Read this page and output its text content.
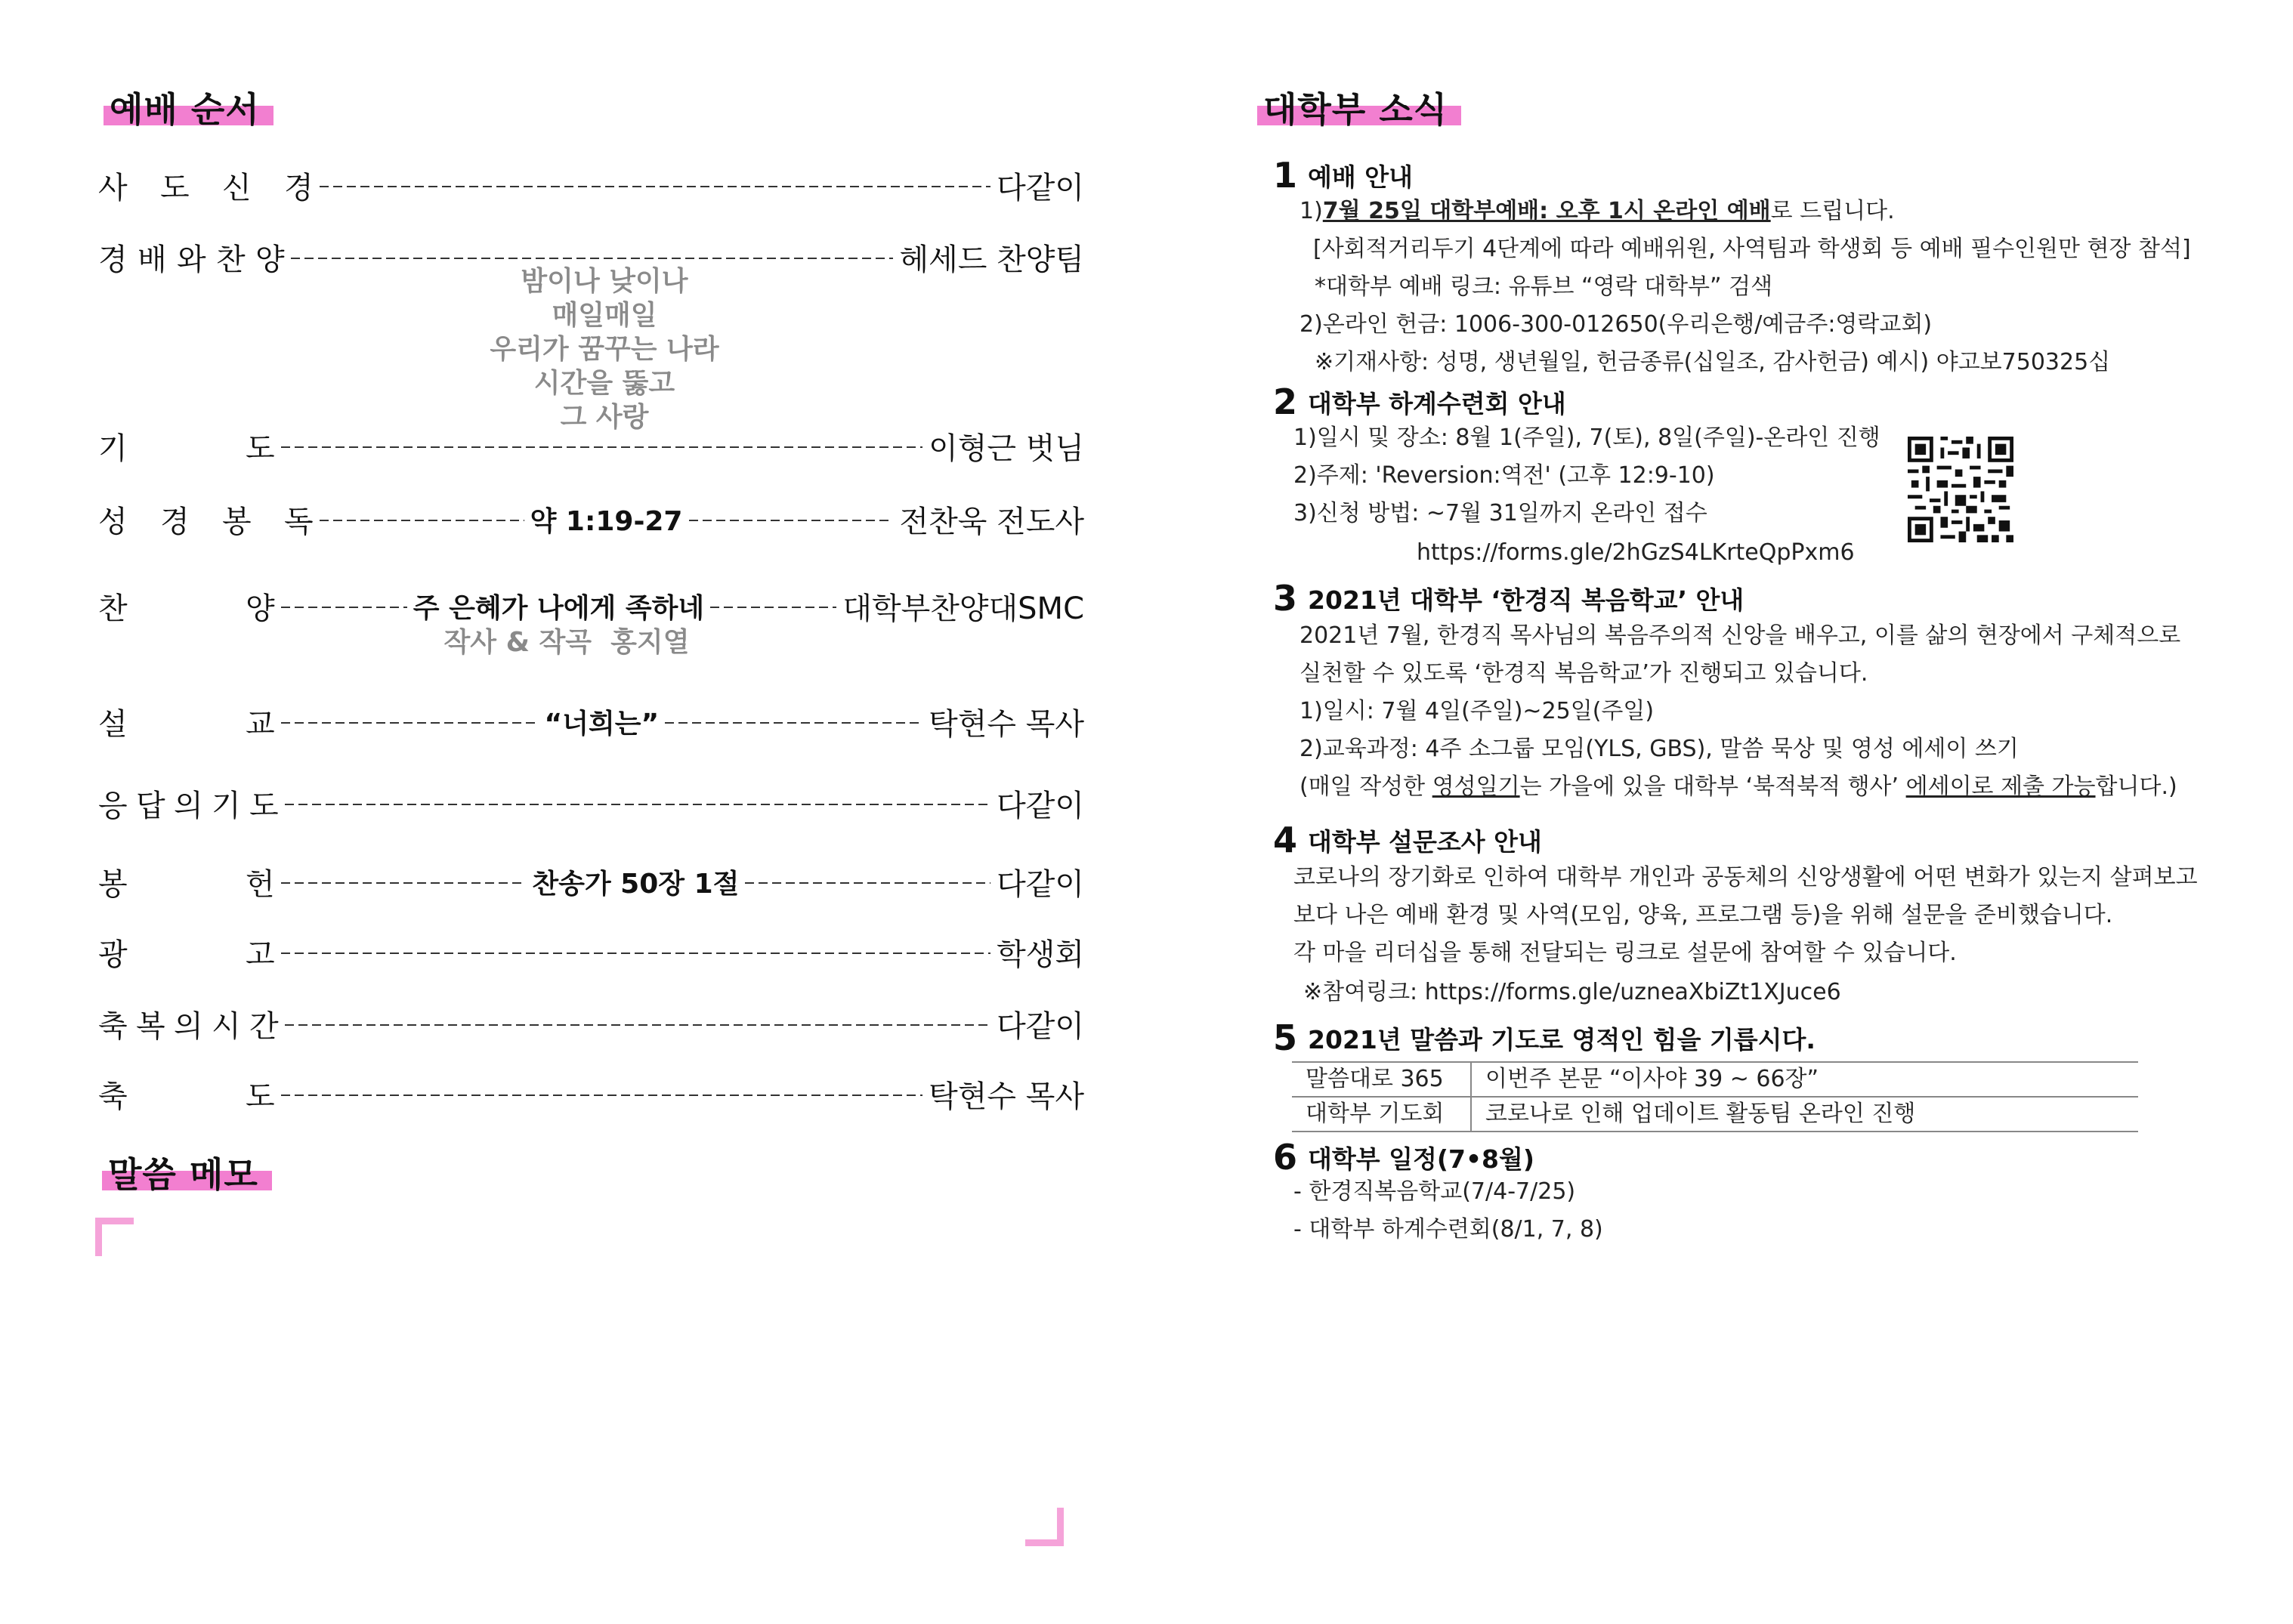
예배 순서
사	도	신	경	다같이
경 배 와 찬 양	헤세드 찬양팀
밤이나 낮이나
매일매일
우리가 꿈꾸는 나라
시간을 뚫고
그 사랑
기	도	이형근 벗님
성	경	봉	독	약 1:19-27	전찬욱 전도사
찬	양	주 은혜가 나에게 족하네	대학부찬양대SMC
작사 & 작곡  홍지열
설	교	“너희는”	탁현수 목사
응 답 의 기 도	다같이
봉	헌	찬송가 50장 1절	다같이
광	고	학생회
축 복 의 시 간	다같이
축	도	탁현수 목사
말씀 메모
대학부 소식
1 예배 안내
1)7월 25일 대학부예배: 오후 1시 온라인 예배로 드립니다.
[사회적거리두기 4단계에 따라 예배위원, 사역팀과 학생회 등 예배 필수인원만 현장 참석]
*대학부 예배 링크: 유튜브 “영락 대학부” 검색
2)온라인 헌금: 1006-300-012650(우리은행/예금주:영락교회)
※기재사항: 성명, 생년월일, 헌금종류(십일조, 감사헌금) 예시) 야고보750325십
2 대학부 하계수련회 안내
1)일시 및 장소: 8월 1(주일), 7(토), 8일(주일)-온라인 진행
2)주제: 'Reversion:역전' (고후 12:9-10)
3)신청 방법: ~7월 31일까지 온라인 접수
https://forms.gle/2hGzS4LKrteQpPxm6
3 2021년 대학부 ‘한경직 복음학교’ 안내
2021년 7월, 한경직 목사님의 복음주의적 신앙을 배우고, 이를 삶의 현장에서 구체적으로
실천할 수 있도록 ‘한경직 복음학교’가 진행되고 있습니다.
1)일시: 7월 4일(주일)~25일(주일)
2)교육과정: 4주 소그룹 모임(YLS, GBS), 말씀 묵상 및 영성 에세이 쓰기
(매일 작성한 영성일기는 가을에 있을 대학부 ‘북적북적 행사’ 에세이로 제출 가능합니다.)
4 대학부 설문조사 안내
코로나의 장기화로 인하여 대학부 개인과 공동체의 신앙생활에 어떤 변화가 있는지 살펴보고
보다 나은 예배 환경 및 사역(모임, 양육, 프로그램 등)을 위해 설문을 준비했습니다.
각 마을 리더십을 통해 전달되는 링크로 설문에 참여할 수 있습니다.
※참여링크: https://forms.gle/uzneaXbiZt1XJuce6
5 2021년 말씀과 기도로 영적인 힘을 기릅시다.
말씀대로 365	이번주 본문 “이사야 39 ~ 66장”
대학부 기도회	코로나로 인해 업데이트 활동팀 온라인 진행
6 대학부 일정(7•8월)
- 한경직복음학교(7/4-7/25)
- 대학부 하계수련회(8/1, 7, 8)
